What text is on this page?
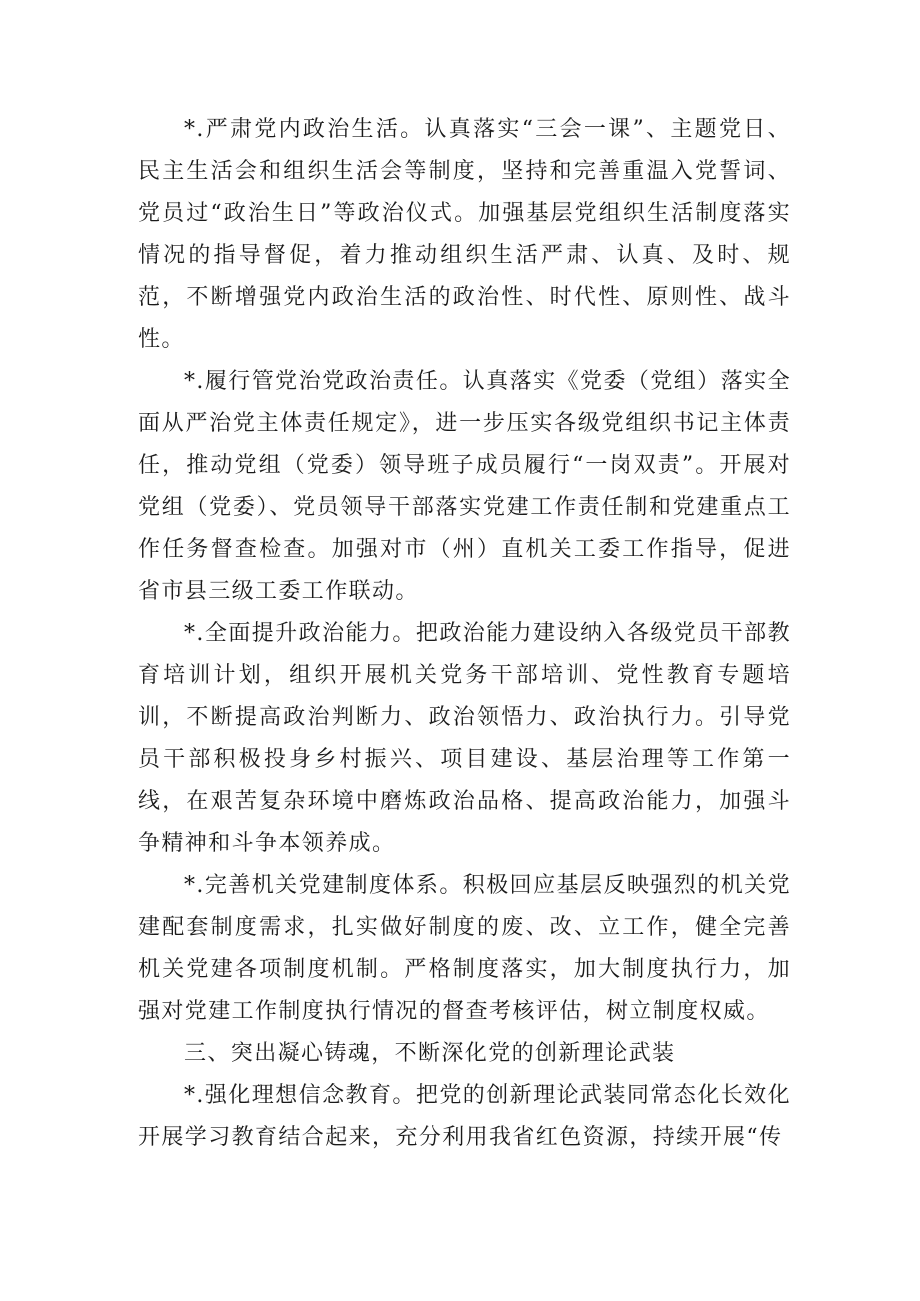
*.严肃党内政治生活。认真落实“三会一课”、主题党日、民主生活会和组织生活会等制度，坚持和完善重温入党誓词、党员过“政治生日”等政治仪式。加强基层党组织生活制度落实情况的指导督促，着力推动组织生活严肃、认真、及时、规范，不断增强党内政治生活的政治性、时代性、原则性、战斗性。

*.履行管党治党政治责任。认真落实《党委（党组）落实全面从严治党主体责任规定》，进一步压实各级党组织书记主体责任，推动党组（党委）领导班子成员履行“一岗双责”。开展对党组（党委）、党员领导干部落实党建工作责任制和党建重点工作任务督查检查。加强对市（州）直机关工委工作指导，促进省市县三级工委工作联动。

*.全面提升政治能力。把政治能力建设纳入各级党员干部教育培训计划，组织开展机关党务干部培训、党性教育专题培训，不断提高政治判断力、政治领悟力、政治执行力。引导党员干部积极投身乡村振兴、项目建设、基层治理等工作第一线，在艰苦复杂环境中磨炼政治品格、提高政治能力，加强斗争精神和斗争本领养成。

*.完善机关党建制度体系。积极回应基层反映强烈的机关党建配套制度需求，扎实做好制度的废、改、立工作，健全完善机关党建各项制度机制。严格制度落实，加大制度执行力，加强对党建工作制度执行情况的督查考核评估，树立制度权威。

三、突出凝心铸魂，不断深化党的创新理论武装

*.强化理想信念教育。把党的创新理论武装同常态化长效化开展学习教育结合起来，充分利用我省红色资源，持续开展“传
